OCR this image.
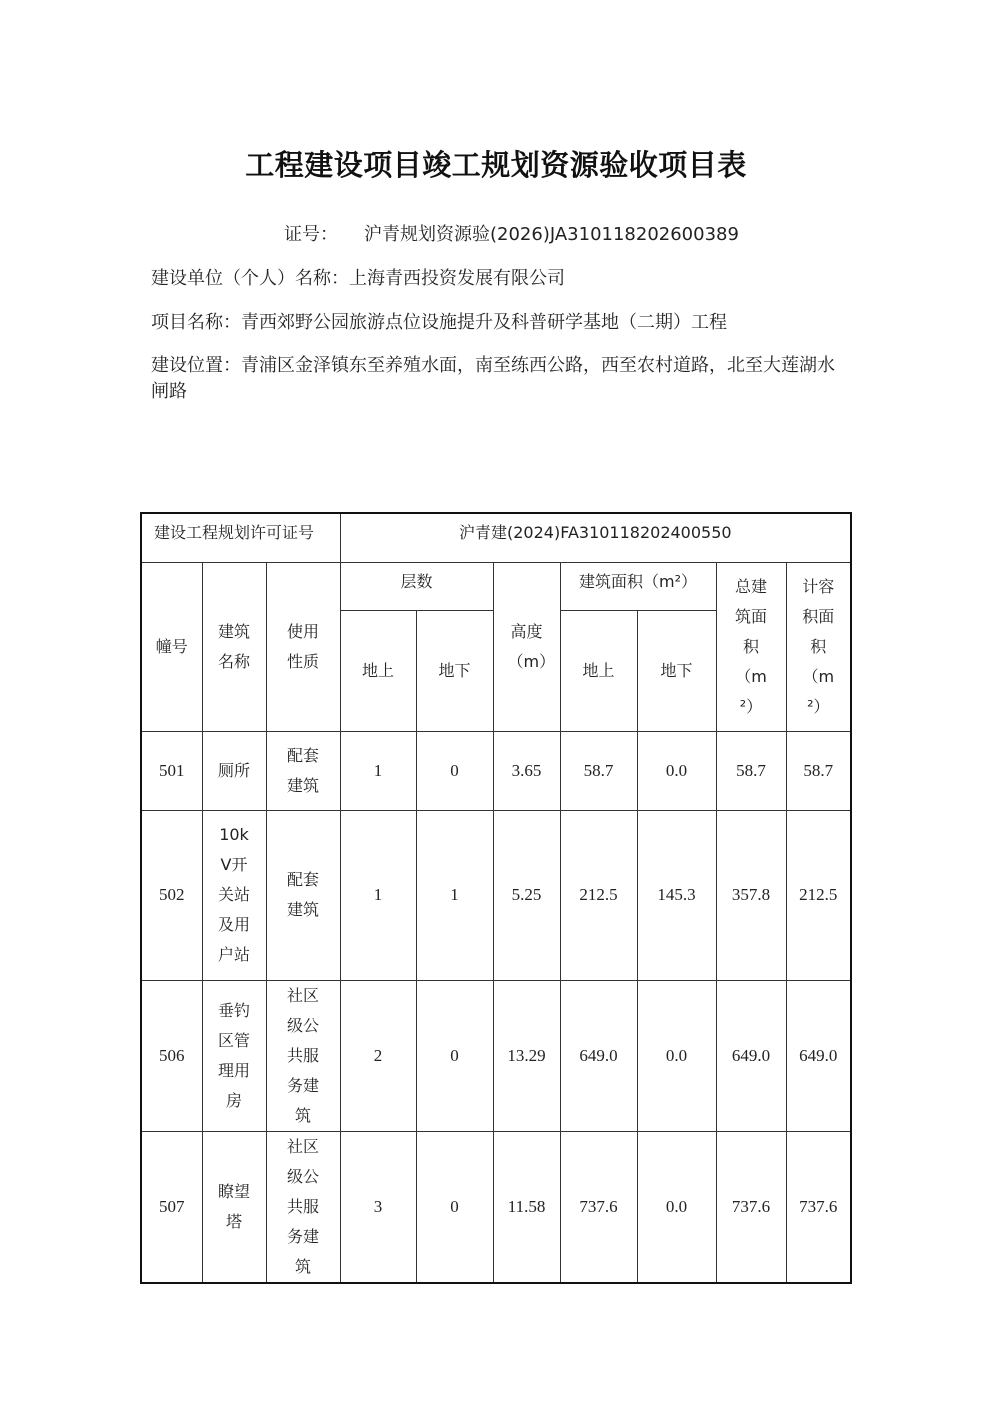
工程建设项目竣工规划资源验收项目表
证号： 沪青规划资源验(2026)JA310118202600389
建设单位（个人）名称：上海青西投资发展有限公司
项目名称：青西郊野公园旅游点位设施提升及科普研学基地（二期）工程
建设位置：青浦区金泽镇东至养殖水面，南至练西公路，西至农村道路，北至大莲湖水闸路
建设工程规划许可证号			沪青建(2024)FA310118202400550						
幢号	建筑名称	使用性质	层数		高度（m）	建筑面积（m²）		总建筑面积（m²）	计容积面积（m²）
			地上	地下		地上	地下		
501	厕所	配套建筑	1	0	3.65	58.7	0.0	58.7	58.7
502	10kV开关站及用户站	配套建筑	1	1	5.25	212.5	145.3	357.8	212.5
506	垂钓区管理用房	社区级公共服务建筑	2	0	13.29	649.0	0.0	649.0	649.0
507	瞭望塔	社区级公共服务建筑	3	0	11.58	737.6	0.0	737.6	737.6
